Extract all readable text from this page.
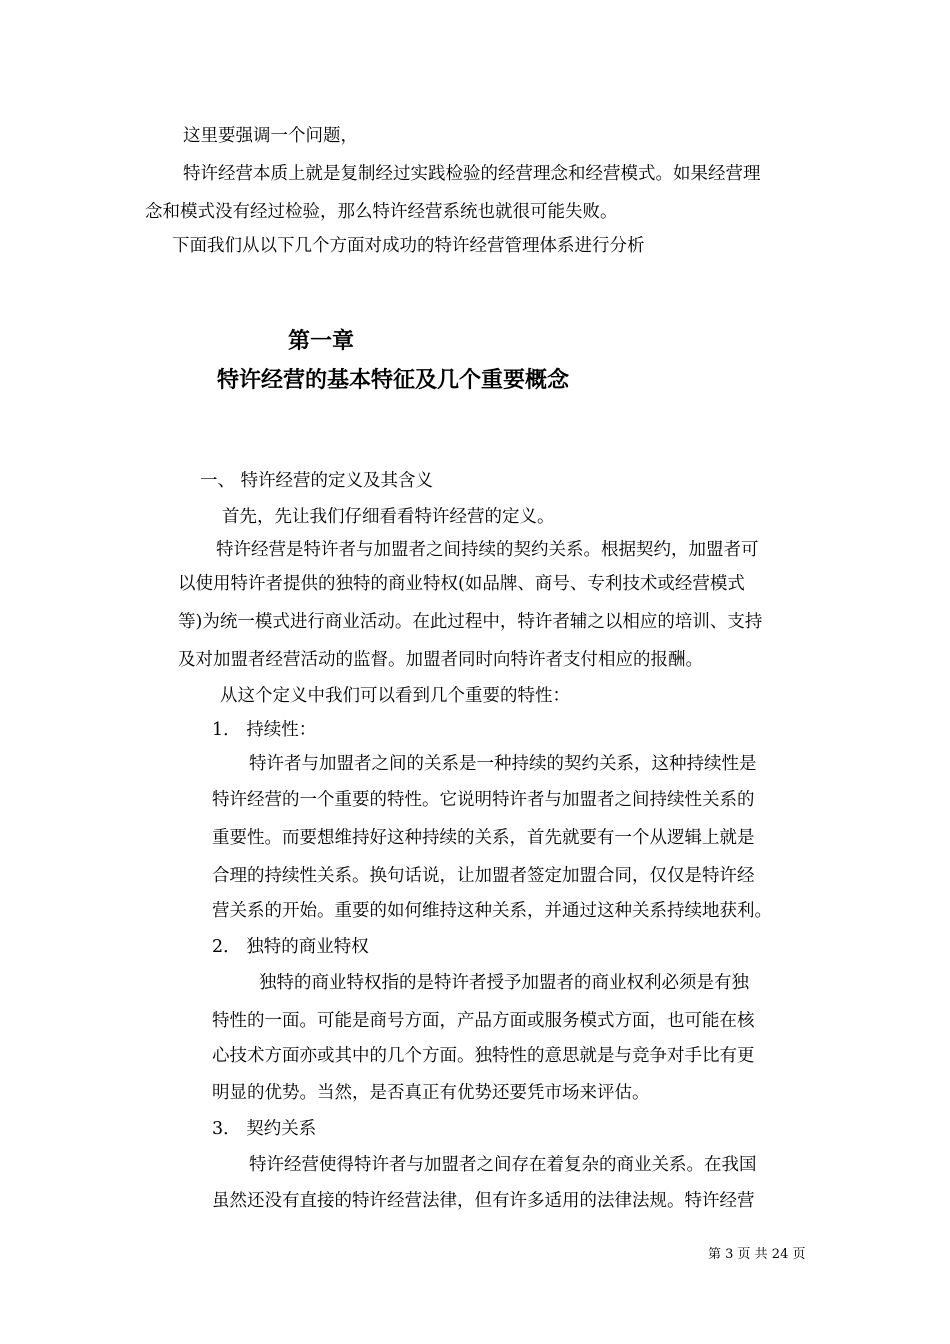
这里要强调一个问题，
特许经营本质上就是复制经过实践检验的经营理念和经营模式。如果经营理
念和模式没有经过检验，那么特许经营系统也就很可能失败。
下面我们从以下几个方面对成功的特许经营管理体系进行分析
第一章
特许经营的基本特征及几个重要概念
一、 特许经营的定义及其含义
首先，先让我们仔细看看特许经营的定义。
特许经营是特许者与加盟者之间持续的契约关系。根据契约，加盟者可
以使用特许者提供的独特的商业特权(如品牌、商号、专利技术或经营模式
等)为统一模式进行商业活动。在此过程中，特许者辅之以相应的培训、支持
及对加盟者经营活动的监督。加盟者同时向特许者支付相应的报酬。
从这个定义中我们可以看到几个重要的特性：
1． 持续性：
特许者与加盟者之间的关系是一种持续的契约关系，这种持续性是
特许经营的一个重要的特性。它说明特许者与加盟者之间持续性关系的
重要性。而要想维持好这种持续的关系，首先就要有一个从逻辑上就是
合理的持续性关系。换句话说，让加盟者签定加盟合同，仅仅是特许经
营关系的开始。重要的如何维持这种关系，并通过这种关系持续地获利。
2． 独特的商业特权
独特的商业特权指的是特许者授予加盟者的商业权利必须是有独
特性的一面。可能是商号方面，产品方面或服务模式方面，也可能在核
心技术方面亦或其中的几个方面。独特性的意思就是与竞争对手比有更
明显的优势。当然，是否真正有优势还要凭市场来评估。
3． 契约关系
特许经营使得特许者与加盟者之间存在着复杂的商业关系。在我国
虽然还没有直接的特许经营法律，但有许多适用的法律法规。特许经营
第 3 页 共 24 页
